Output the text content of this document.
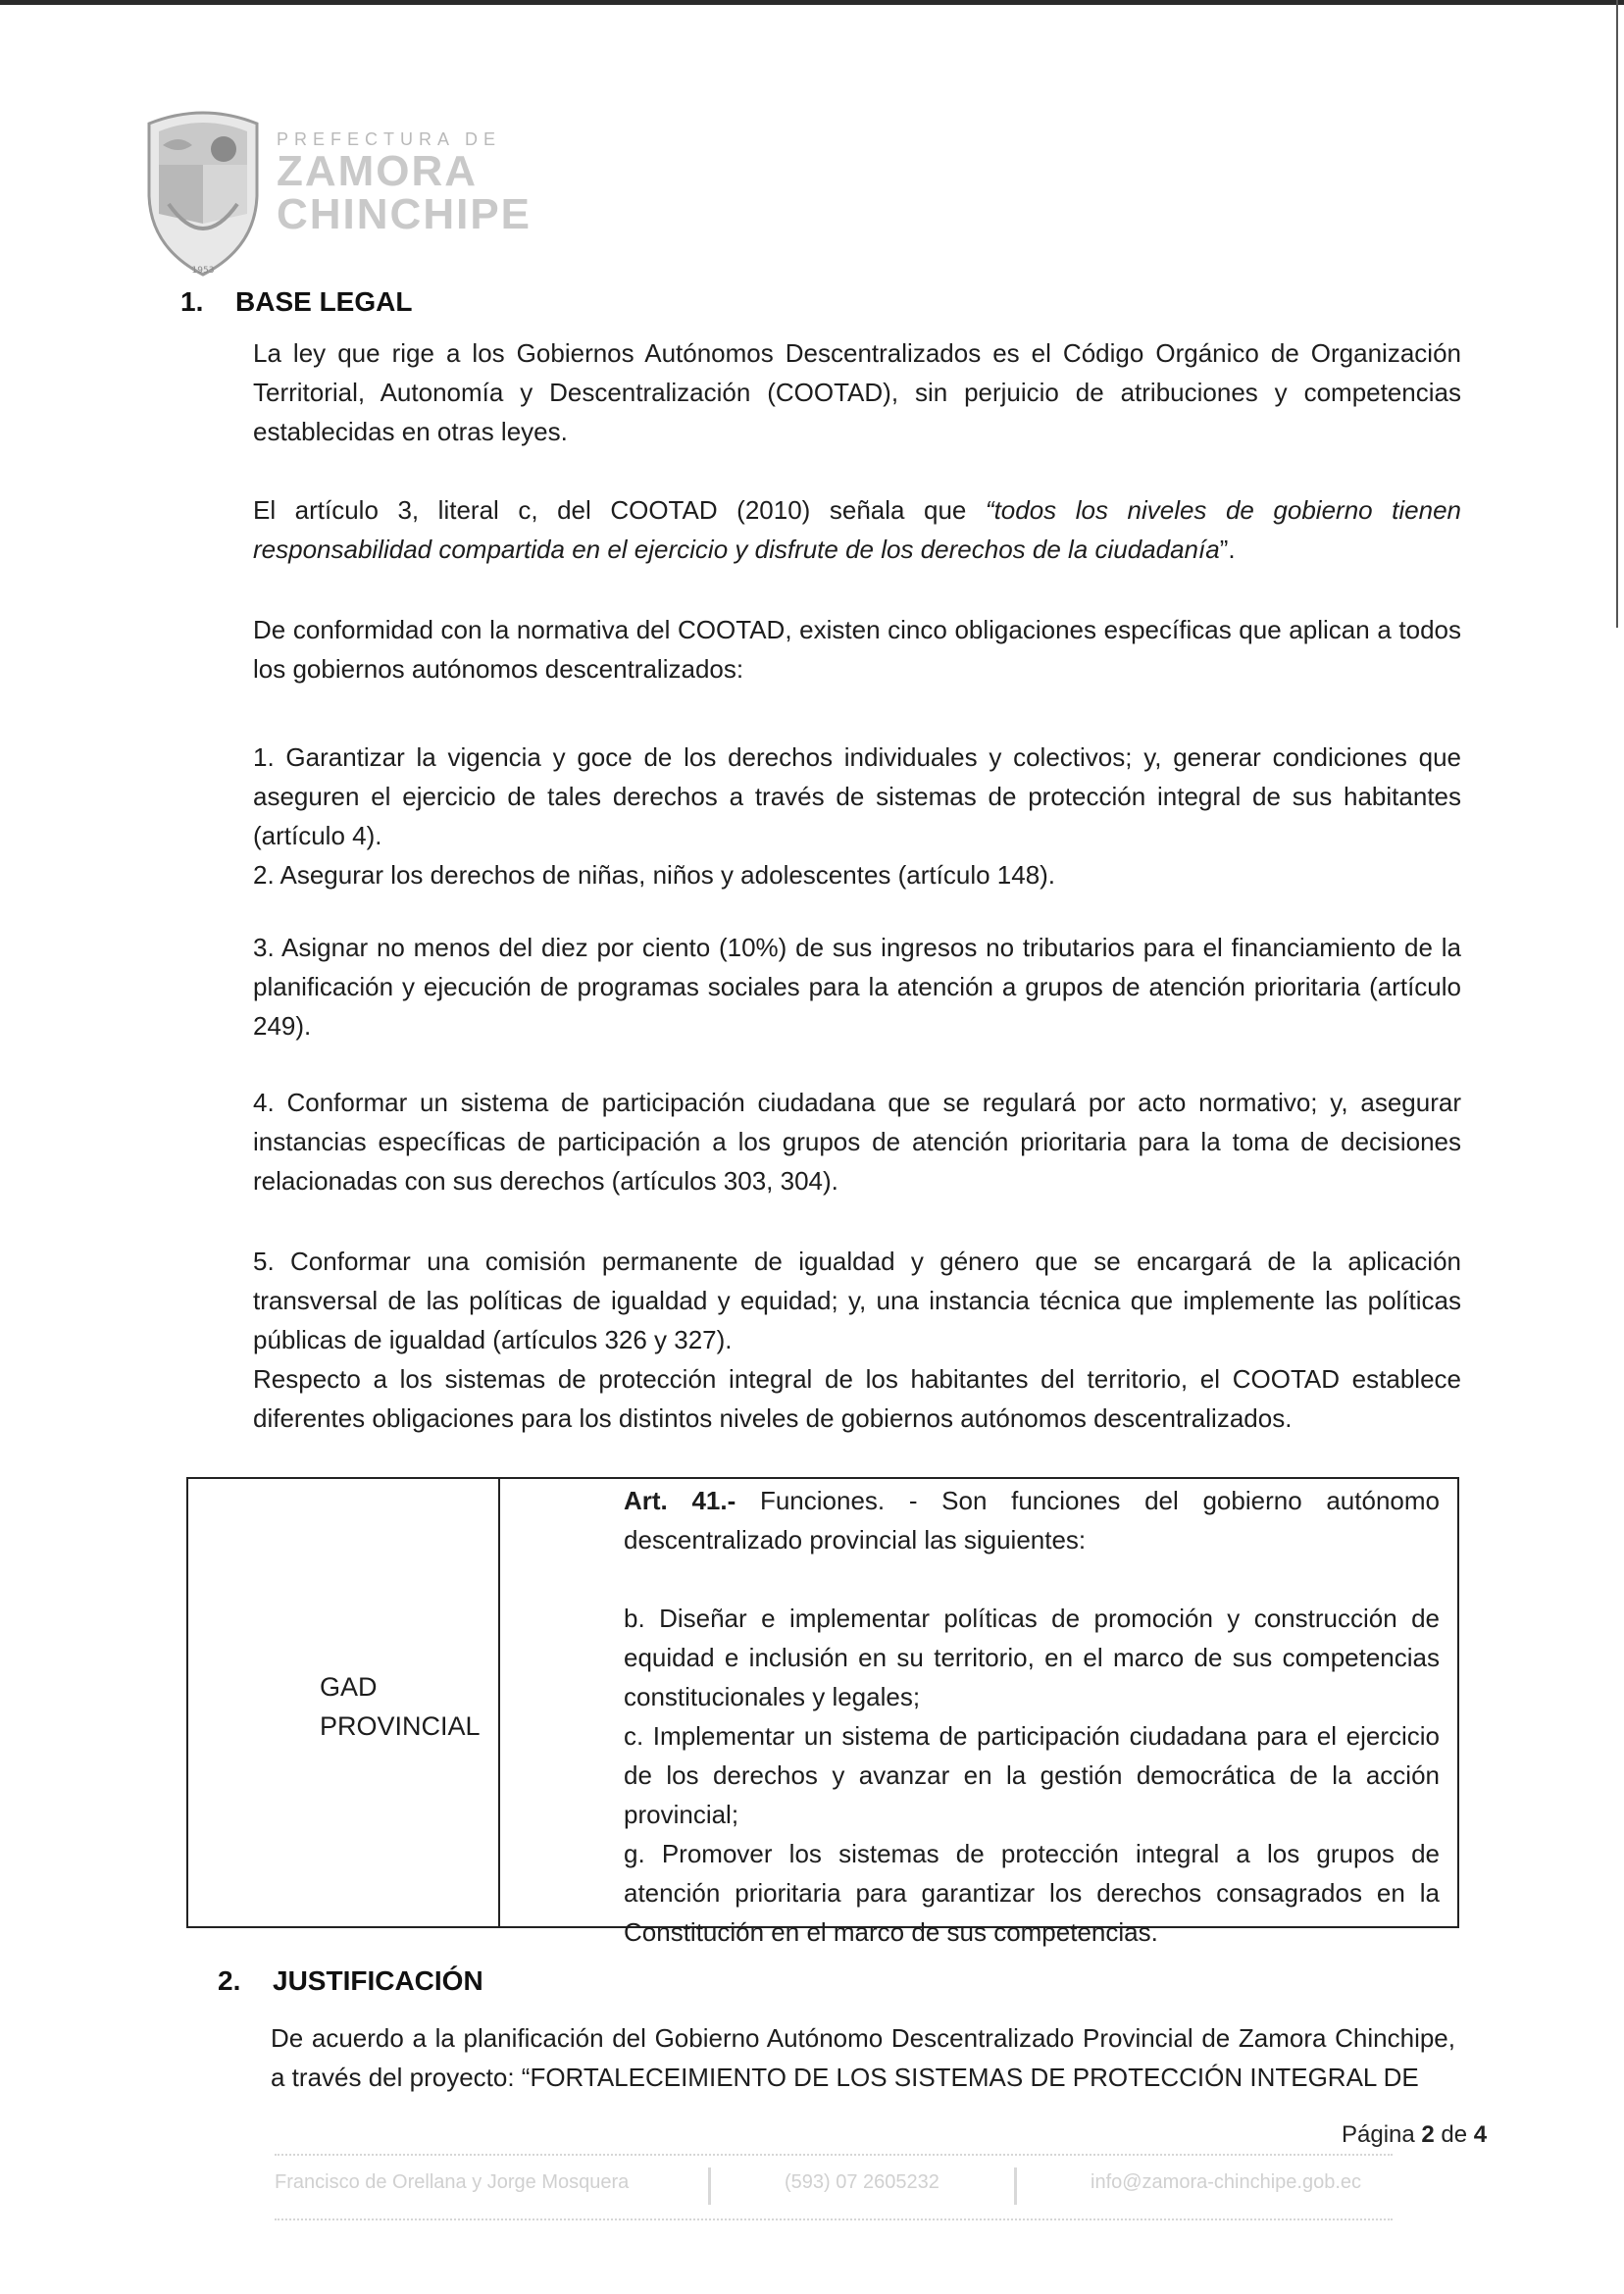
1953
PREFECTURA DE
ZAMORA
CHINCHIPE
1. BASE LEGAL

La ley que rige a los Gobiernos Autónomos Descentralizados es el Código Orgánico de Organización Territorial, Autonomía y Descentralización (COOTAD), sin perjuicio de atribuciones y competencias establecidas en otras leyes.

El artículo 3, literal c, del COOTAD (2010) señala que “todos los niveles de gobierno tienen responsabilidad compartida en el ejercicio y disfrute de los derechos de la ciudadanía”.

De conformidad con la normativa del COOTAD, existen cinco obligaciones específicas que aplican a todos los gobiernos autónomos descentralizados:

1. Garantizar la vigencia y goce de los derechos individuales y colectivos; y, generar condiciones que aseguren el ejercicio de tales derechos a través de sistemas de protección integral de sus habitantes (artículo 4).

2. Asegurar los derechos de niñas, niños y adolescentes (artículo 148).

3. Asignar no menos del diez por ciento (10%) de sus ingresos no tributarios para el financiamiento de la planificación y ejecución de programas sociales para la atención a grupos de atención prioritaria (artículo 249).

4. Conformar un sistema de participación ciudadana que se regulará por acto normativo; y, asegurar instancias específicas de participación a los grupos de atención prioritaria para la toma de decisiones relacionadas con sus derechos (artículos 303, 304).

5. Conformar una comisión permanente de igualdad y género que se encargará de la aplicación transversal de las políticas de igualdad y equidad; y, una instancia técnica que implemente las políticas públicas de igualdad (artículos 326 y 327).

Respecto a los sistemas de protección integral de los habitantes del territorio, el COOTAD establece diferentes obligaciones para los distintos niveles de gobiernos autónomos descentralizados.

GAD
PROVINCIAL

Art. 41.- Funciones. - Son funciones del gobierno autónomo descentralizado provincial las siguientes:

b. Diseñar e implementar políticas de promoción y construcción de equidad e inclusión en su territorio, en el marco de sus competencias constitucionales y legales;

c. Implementar un sistema de participación ciudadana para el ejercicio de los derechos y avanzar en la gestión democrática de la acción provincial;

g. Promover los sistemas de protección integral a los grupos de atención prioritaria para garantizar los derechos consagrados en la Constitución en el marco de sus competencias.

2. JUSTIFICACIÓN

De acuerdo a la planificación del Gobierno Autónomo Descentralizado Provincial de Zamora Chinchipe, a través del proyecto: “FORTALECEIMIENTO DE LOS SISTEMAS DE PROTECCIÓN INTEGRAL DE

Página 2 de 4
Francisco de Orellana y Jorge Mosquera	(593) 07 2605232	info@zamora-chinchipe.gob.ec
